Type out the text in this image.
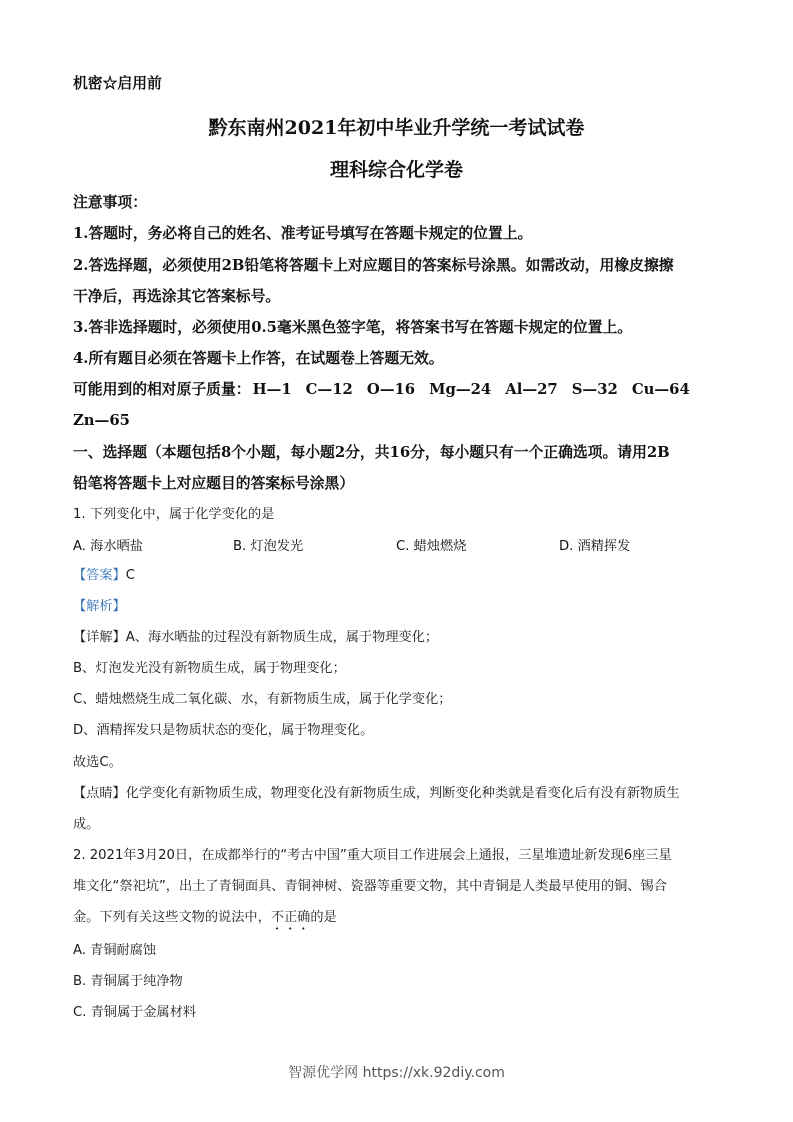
机密☆启用前
黔东南州2021年初中毕业升学统一考试试卷
理科综合化学卷
注意事项：
1.答题时，务必将自己的姓名、准考证号填写在答题卡规定的位置上。
2.答选择题，必须使用2B铅笔将答题卡上对应题目的答案标号涂黑。如需改动，用橡皮擦擦
干净后，再选涂其它答案标号。
3.答非选择题时，必须使用0.5毫米黑色签字笔，将答案书写在答题卡规定的位置上。
4.所有题目必须在答题卡上作答，在试题卷上答题无效。
可能用到的相对原子质量： H—1 C—12 O—16 Mg—24 Al—27 S—32 Cu—64
Zn—65
一、选择题（本题包括8个小题，每小题2分，共16分，每小题只有一个正确选项。请用2B
铅笔将答题卡上对应题目的答案标号涂黑）
1. 下列变化中，属于化学变化的是
A. 海水晒盐	B. 灯泡发光	C. 蜡烛燃烧	D. 酒精挥发
【答案】C
【解析】
【详解】A、海水晒盐的过程没有新物质生成，属于物理变化；
B、灯泡发光没有新物质生成，属于物理变化；
C、蜡烛燃烧生成二氧化碳、水，有新物质生成，属于化学变化；
D、酒精挥发只是物质状态的变化，属于物理变化。
故选C。
【点睛】化学变化有新物质生成，物理变化没有新物质生成，判断变化种类就是看变化后有没有新物质生
成。
2. 2021年3月20日，在成都举行的“考古中国”重大项目工作进展会上通报，三星堆遗址新发现6座三星
堆文化“祭祀坑”，出土了青铜面具、青铜神树、瓷器等重要文物，其中青铜是人类最早使用的铜、锡合
金。下列有关这些文物的说法中，不正确的是
A. 青铜耐腐蚀
B. 青铜属于纯净物
C. 青铜属于金属材料
智源优学网 https://xk.92diy.com
